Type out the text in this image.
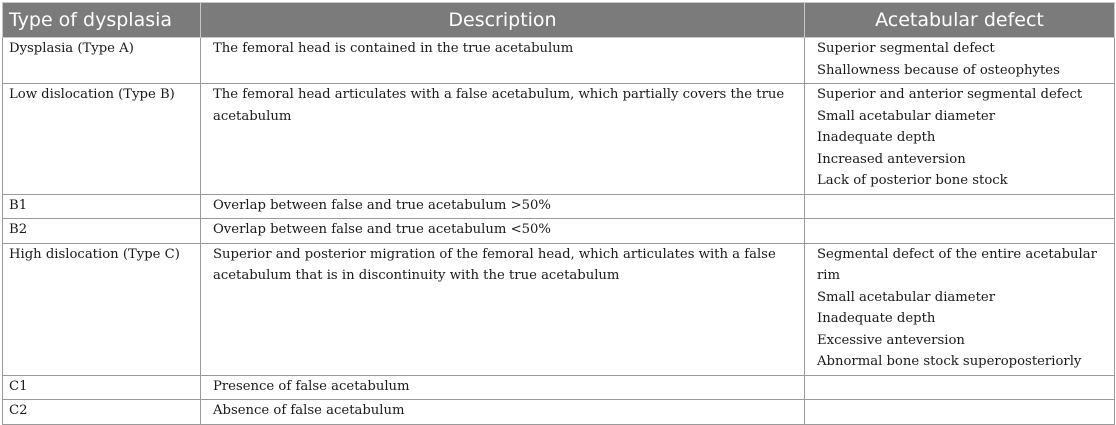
Type of dysplasia	Description	Acetabular defect
Dysplasia (Type A)	The femoral head is contained in the true acetabulum	Superior segmental defect
Shallowness because of osteophytes

Low dislocation (Type B)	The femoral head articulates with a false acetabulum, which partially covers the true acetabulum	Superior and anterior segmental defect
Small acetabular diameter
Inadequate depth
Increased anteversion
Lack of posterior bone stock

B1	Overlap between false and true acetabulum >50%	
B2	Overlap between false and true acetabulum <50%	
High dislocation (Type C)	Superior and posterior migration of the femoral head, which articulates with a false acetabulum that is in discontinuity with the true acetabulum	Segmental defect of the entire acetabular rim
Small acetabular diameter
Inadequate depth
Excessive anteversion
Abnormal bone stock superoposteriorly

C1	Presence of false acetabulum	
C2	Absence of false acetabulum	
